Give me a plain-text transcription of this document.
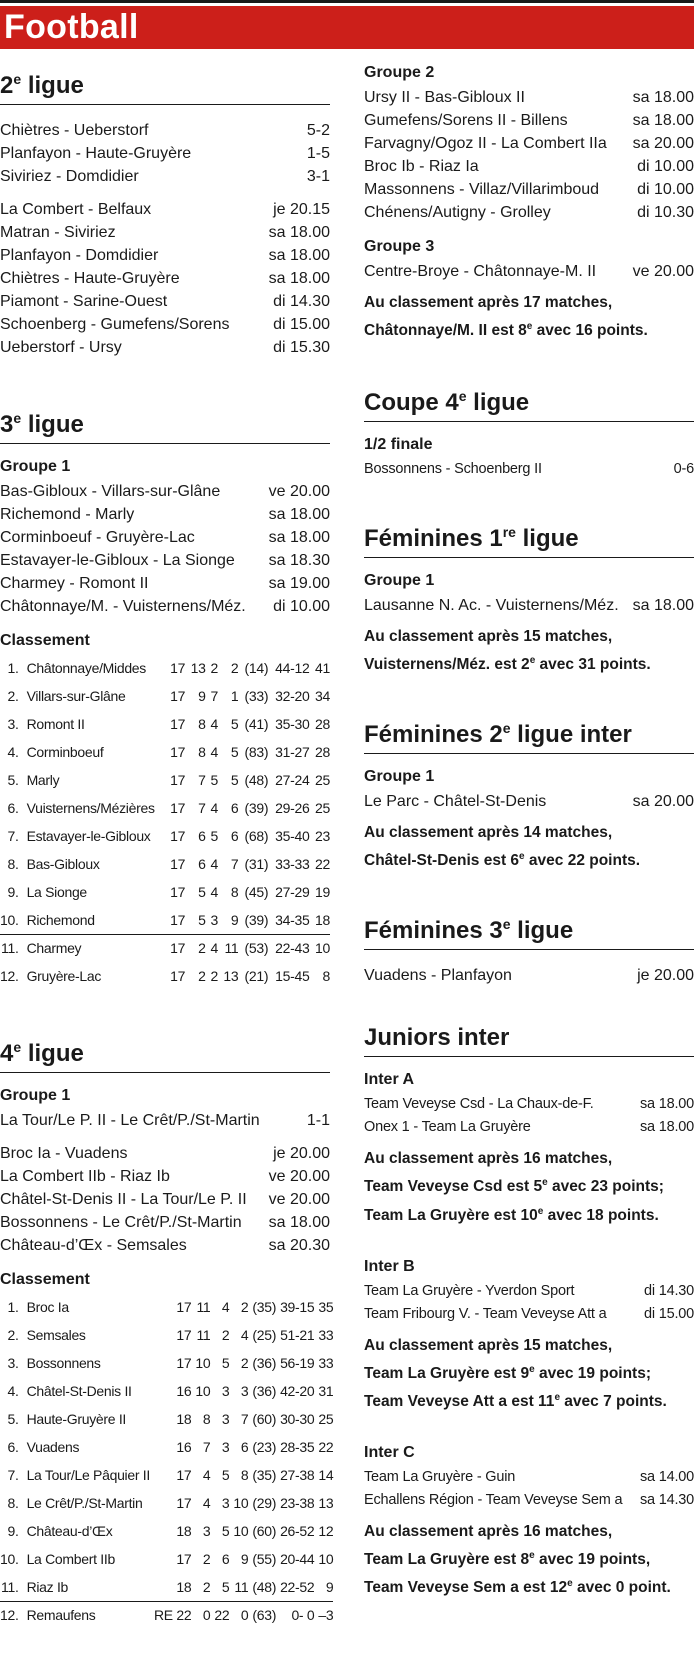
Football
2e ligue
Chiètres - Ueberstorf	5-2
Planfayon - Haute-Gruyère	1-5
Siviriez - Domdidier	3-1
La Combert - Belfaux	je 20.15
Matran - Siviriez	sa 18.00
Planfayon - Domdidier	sa 18.00
Chiètres - Haute-Gruyère	sa 18.00
Piamont - Sarine-Ouest	di 14.30
Schoenberg - Gumefens/Sorens	di 15.00
Ueberstorf - Ursy	di 15.30
3e ligue
Groupe 1
Bas-Gibloux - Villars-sur-Glâne	ve 20.00
Richemond - Marly	sa 18.00
Corminboeuf - Gruyère-Lac	sa 18.00
Estavayer-le-Gibloux - La Sionge sa 18.30
Charmey - Romont II	sa 19.00
Châtonnaye/M. - Vuisternens/Méz. di 10.00
Classement
1.	Châtonnaye/Middes	17	13	2	2	(14)	44-12	41
2.	Villars-sur-Glâne	17	9	7	1	(33)	32-20	34
3.	Romont II	17	8	4	5	(41)	35-30	28
4.	Corminboeuf	17	8	4	5	(83)	31-27	28
5.	Marly	17	7	5	5	(48)	27-24	25
6.	Vuisternens/Mézières	17	7	4	6	(39)	29-26	25
7.	Estavayer-le-Gibloux	17	6	5	6	(68)	35-40	23
8.	Bas-Gibloux	17	6	4	7	(31)	33-33	22
9.	La Sionge	17	5	4	8	(45)	27-29	19
10.	Richemond	17	5	3	9	(39)	34-35	18
11.	Charmey	17	2	4	11	(53)	22-43	10
12.	Gruyère-Lac	17	2	2	13	(21)	15-45	8
4e ligue
Groupe 1
La Tour/Le P. II - Le Crêt/P./St-Martin	1-1
Broc Ia - Vuadens	je 20.00
La Combert IIb - Riaz Ib	ve 20.00
Châtel-St-Denis II - La Tour/Le P. II ve 20.00
Bossonnens - Le Crêt/P./St-Martin sa 18.00
Château-d’Œx - Semsales	sa 20.30
Classement
1.	Broc Ia	17	11	4	2	(35)	39-15	35
2.	Semsales	17	11	2	4	(25)	51-21	33
3.	Bossonnens	17	10	5	2	(36)	56-19	33
4.	Châtel-St-Denis II	16	10	3	3	(36)	42-20	31
5.	Haute-Gruyère II	18	8	3	7	(60)	30-30	25
6.	Vuadens	16	7	3	6	(23)	28-35	22
7.	La Tour/Le Pâquier II	17	4	5	8	(35)	27-38	14
8.	Le Crêt/P./St-Martin	17	4	3	10	(29)	23-38	13
9.	Château-d’Œx	18	3	5	10	(60)	26-52	12
10.	La Combert IIb	17	2	6	9	(55)	20-44	10
11.	Riaz Ib	18	2	5	11	(48)	22-52	9
12.	Remaufens	RE 22	0	22	0	(63)	0- 0	–3
Groupe 2
Ursy II - Bas-Gibloux II	sa 18.00
Gumefens/Sorens II - Billens	sa 18.00
Farvagny/Ogoz II - La Combert IIa sa 20.00
Broc Ib - Riaz Ia	di 10.00
Massonnens - Villaz/Villarimboud di 10.00
Chénens/Autigny - Grolley	di 10.30
Groupe 3
Centre-Broye - Châtonnaye-M. II ve 20.00
Au classement après 17 matches,
Châtonnaye/M. II est 8e avec 16 points.
Coupe 4e ligue
1/2 finale
Bossonnens - Schoenberg II	0-6
Féminines 1re ligue
Groupe 1
Lausanne N. Ac. - Vuisternens/Méz. sa 18.00
Au classement après 15 matches,
Vuisternens/Méz. est 2e avec 31 points.
Féminines 2e ligue inter
Groupe 1
Le Parc - Châtel-St-Denis	sa 20.00
Au classement après 14 matches,
Châtel-St-Denis est 6e avec 22 points.
Féminines 3e ligue
Vuadens - Planfayon	je 20.00
Juniors inter
Inter A
Team Veveyse Csd - La Chaux-de-F.	sa 18.00
Onex 1 - Team La Gruyère	sa 18.00
Au classement après 16 matches,
Team Veveyse Csd est 5e avec 23 points;
Team La Gruyère est 10e avec 18 points.
Inter B
Team La Gruyère - Yverdon Sport	di 14.30
Team Fribourg V. - Team Veveyse Att a	di 15.00
Au classement après 15 matches,
Team La Gruyère est 9e avec 19 points;
Team Veveyse Att a est 11e avec 7 points.
Inter C
Team La Gruyère - Guin	sa 14.00
Echallens Région - Team Veveyse Sem a sa 14.30
Au classement après 16 matches,
Team La Gruyère est 8e avec 19 points,
Team Veveyse Sem a est 12e avec 0 point.
